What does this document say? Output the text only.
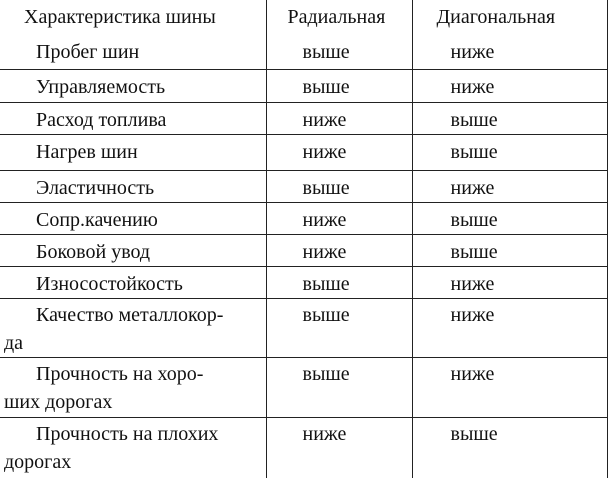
Характеристика шины	Радиальная	Диагональная

Пробег шин	выше	ниже

Управляемость	выше	ниже

Расход топлива	ниже	выше

Нагрев шин	ниже	выше

Эластичность	выше	ниже

Сопр.качению	ниже	выше

Боковой увод	ниже	выше

Износостойкость	выше	ниже

Качество металлокор-
да	выше	ниже

Прочность на хоро-
ших дорогах	выше	ниже

Прочность на плохих
дорогах	ниже	выше
